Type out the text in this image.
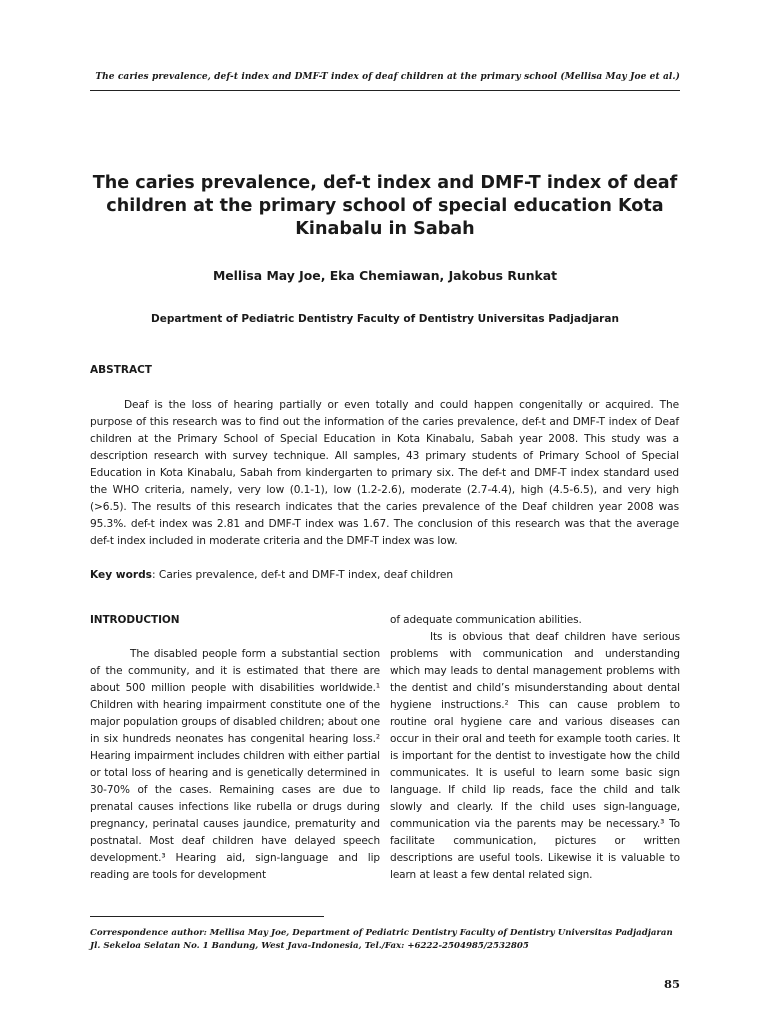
The caries prevalence, def-t index and DMF-T index of deaf children at the primary school (Mellisa May Joe et al.)
The caries prevalence, def-t index and DMF-T index of deaf children at the primary school of special education Kota Kinabalu in Sabah
Mellisa May Joe, Eka Chemiawan, Jakobus Runkat
Department of Pediatric Dentistry Faculty of Dentistry Universitas Padjadjaran
ABSTRACT

Deaf is the loss of hearing partially or even totally and could happen congenitally or acquired. The purpose of this research was to find out the information of the caries prevalence, def-t and DMF-T index of Deaf children at the Primary School of Special Education in Kota Kinabalu, Sabah year 2008. This study was a description research with survey technique. All samples, 43 primary students of Primary School of Special Education in Kota Kinabalu, Sabah from kindergarten to primary six. The def-t and DMF-T index standard used the WHO criteria, namely, very low (0.1-1), low (1.2-2.6), moderate (2.7-4.4), high (4.5-6.5), and very high (>6.5). The results of this research indicates that the caries prevalence of the Deaf children year 2008 was 95.3%. def-t index was 2.81 and DMF-T index was 1.67. The conclusion of this research was that the average def-t index included in moderate criteria and the DMF-T index was low.

Key words: Caries prevalence, def-t and DMF-T index, deaf children

INTRODUCTION

The disabled people form a substantial section of the community, and it is estimated that there are about 500 million people with disabilities worldwide.¹ Children with hearing impairment constitute one of the major population groups of disabled children; about one in six hundreds neonates has congenital hearing loss.² Hearing impairment includes children with either partial or total loss of hearing and is genetically determined in 30-70% of the cases. Remaining cases are due to prenatal causes infections like rubella or drugs during pregnancy, perinatal causes jaundice, prematurity and postnatal. Most deaf children have delayed speech development.³ Hearing aid, sign-language and lip reading are tools for development

of adequate communication abilities.

Its is obvious that deaf children have serious problems with communication and understanding which may leads to dental management problems with the dentist and child’s misunderstanding about dental hygiene instructions.² This can cause problem to routine oral hygiene care and various diseases can occur in their oral and teeth for example tooth caries. It is important for the dentist to investigate how the child communicates. It is useful to learn some basic sign language. If child lip reads, face the child and talk slowly and clearly. If the child uses sign-language, communication via the parents may be necessary.³ To facilitate communication, pictures or written descriptions are useful tools. Likewise it is valuable to learn at least a few dental related sign.

Correspondence author: Mellisa May Joe, Department of Pediatric Dentistry Faculty of Dentistry Universitas Padjadjaran
Jl. Sekeloa Selatan No. 1 Bandung, West Java-Indonesia, Tel./Fax: +6222-2504985/2532805
85
